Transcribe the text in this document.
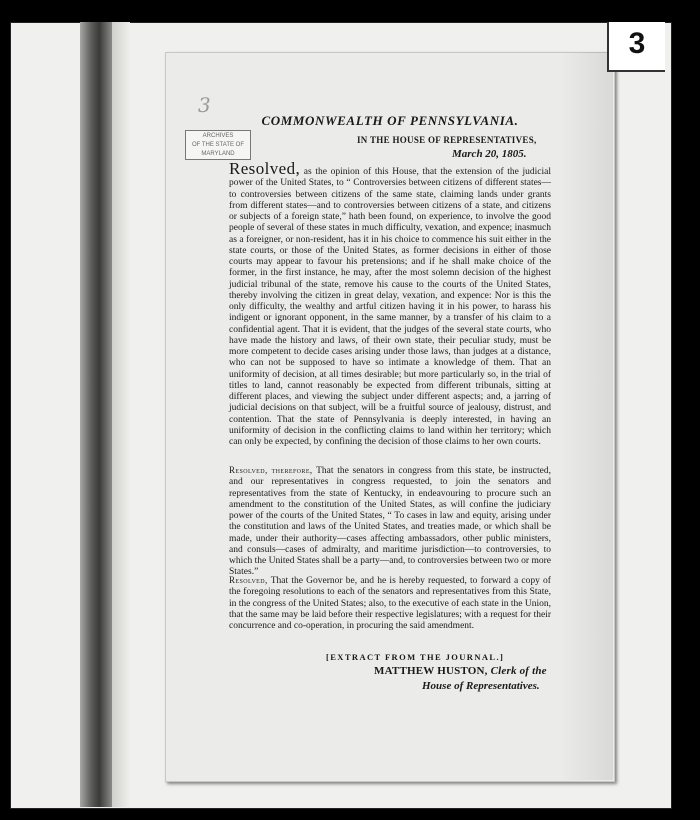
3
3
ARCHIVES
OF THE STATE OF
MARYLAND
COMMONWEALTH OF PENNSYLVANIA.
IN THE HOUSE OF REPRESENTATIVES,
March 20, 1805.
Resolved, as the opinion of this House, that the extension of the judicial power of the United States, to “ Controversies between citizens of different states—to controversies between citizens of the same state, claiming lands under grants from different states—and to controversies between citizens of a state, and citizens or subjects of a foreign state,” hath been found, on experience, to involve the good people of several of these states in much difficulty, vexation, and expence; inasmuch as a foreigner, or non-resident, has it in his choice to commence his suit either in the state courts, or those of the United States, as former decisions in either of those courts may appear to favour his pretensions; and if he shall make choice of the former, in the first instance, he may, after the most solemn decision of the highest judicial tribunal of the state, remove his cause to the courts of the United States, thereby involving the citizen in great delay, vexation, and expence: Nor is this the only difficulty, the wealthy and artful citizen having it in his power, to harass his indigent or ignorant opponent, in the same manner, by a transfer of his claim to a confidential agent. That it is evident, that the judges of the several state courts, who have made the history and laws, of their own state, their peculiar study, must be more competent to decide cases arising under those laws, than judges at a distance, who can not be supposed to have so intimate a knowledge of them. That an uniformity of decision, at all times desirable; but more particularly so, in the trial of titles to land, cannot reasonably be expected from different tribunals, sitting at different places, and viewing the subject under different aspects; and, a jarring of judicial decisions on that subject, will be a fruitful source of jealousy, distrust, and contention. That the state of Pennsylvania is deeply interested, in having an uniformity of decision in the conflicting claims to land within her territory; which can only be expected, by confining the decision of those claims to her own courts.
Resolved, therefore, That the senators in congress from this state, be instructed, and our representatives in congress requested, to join the senators and representatives from the state of Kentucky, in endeavouring to procure such an amendment to the constitution of the United States, as will confine the judiciary power of the courts of the United States, “ To cases in law and equity, arising under the constitution and laws of the United States, and treaties made, or which shall be made, under their authority—cases affecting ambassadors, other public ministers, and consuls—cases of admiralty, and maritime jurisdiction—to controversies, to which the United States shall be a party—and, to controversies between two or more States.”
Resolved, That the Governor be, and he is hereby requested, to forward a copy of the foregoing resolutions to each of the senators and representatives from this State, in the congress of the United States; also, to the executive of each state in the Union, that the same may be laid before their respective legislatures; with a request for their concurrence and co-operation, in procuring the said amendment.
[EXTRACT FROM THE JOURNAL.]
MATTHEW HUSTON, Clerk of the
House of Representatives.
